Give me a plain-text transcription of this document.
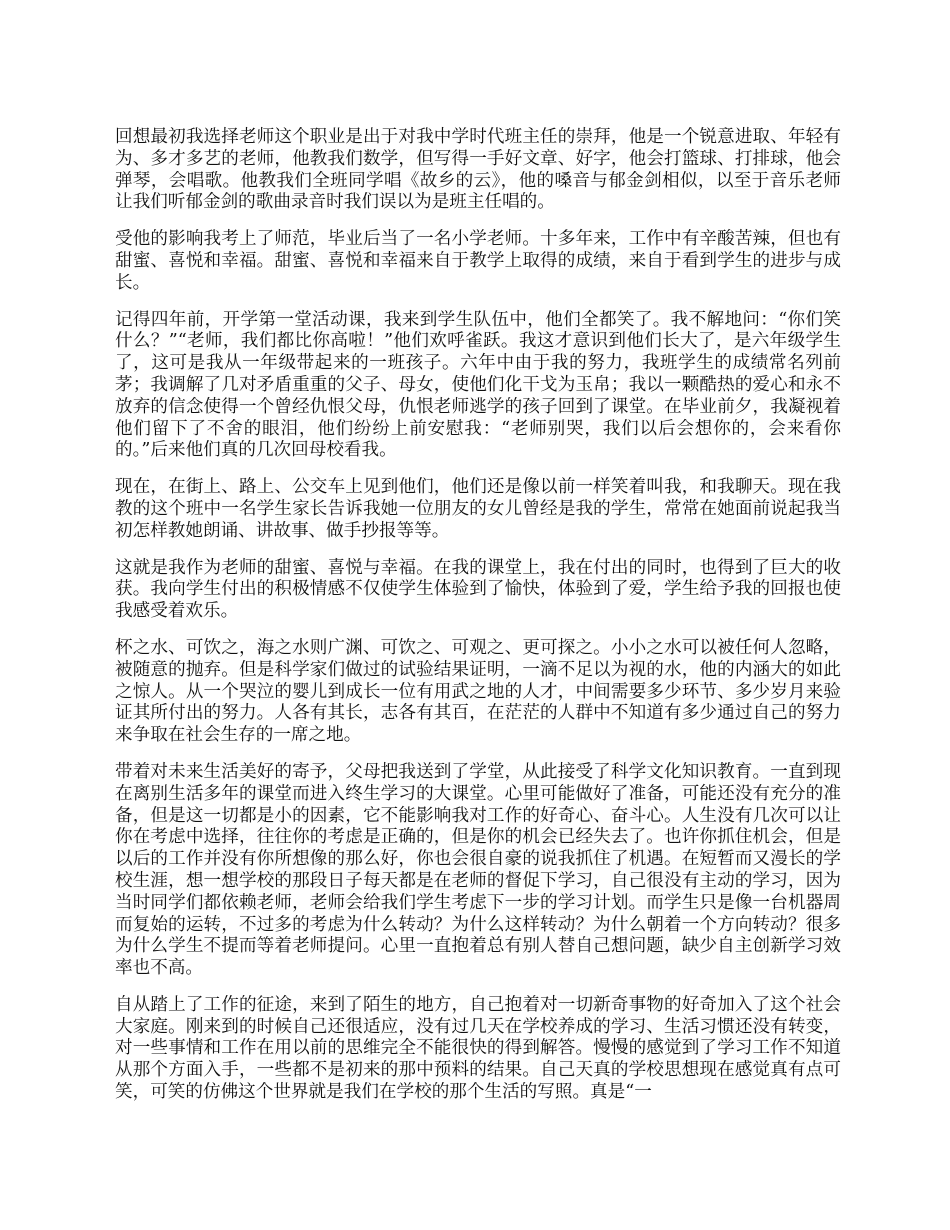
回想最初我选择老师这个职业是出于对我中学时代班主任的崇拜，他是一个锐意进取、年轻有为、多才多艺的老师，他教我们数学，但写得一手好文章、好字，他会打篮球、打排球，他会弹琴，会唱歌。他教我们全班同学唱《故乡的云》，他的嗓音与郁金剑相似，以至于音乐老师让我们听郁金剑的歌曲录音时我们误以为是班主任唱的。

受他的影响我考上了师范，毕业后当了一名小学老师。十多年来，工作中有辛酸苦辣，但也有甜蜜、喜悦和幸福。甜蜜、喜悦和幸福来自于教学上取得的成绩，来自于看到学生的进步与成长。

记得四年前，开学第一堂活动课，我来到学生队伍中，他们全都笑了。我不解地问：“你们笑什么？”“老师，我们都比你高啦！”他们欢呼雀跃。我这才意识到他们长大了，是六年级学生了，这可是我从一年级带起来的一班孩子。六年中由于我的努力，我班学生的成绩常名列前茅；我调解了几对矛盾重重的父子、母女，使他们化干戈为玉帛；我以一颗酷热的爱心和永不放弃的信念使得一个曾经仇恨父母，仇恨老师逃学的孩子回到了课堂。在毕业前夕，我凝视着他们留下了不舍的眼泪，他们纷纷上前安慰我：“老师别哭，我们以后会想你的，会来看你的。”后来他们真的几次回母校看我。

现在，在街上、路上、公交车上见到他们，他们还是像以前一样笑着叫我，和我聊天。现在我教的这个班中一名学生家长告诉我她一位朋友的女儿曾经是我的学生，常常在她面前说起我当初怎样教她朗诵、讲故事、做手抄报等等。

这就是我作为老师的甜蜜、喜悦与幸福。在我的课堂上，我在付出的同时，也得到了巨大的收获。我向学生付出的积极情感不仅使学生体验到了愉快，体验到了爱，学生给予我的回报也使我感受着欢乐。

杯之水、可饮之，海之水则广渊、可饮之、可观之、更可探之。小小之水可以被任何人忽略，被随意的抛弃。但是科学家们做过的试验结果证明，一滴不足以为视的水，他的内涵大的如此之惊人。从一个哭泣的婴儿到成长一位有用武之地的人才，中间需要多少环节、多少岁月来验证其所付出的努力。人各有其长，志各有其百，在茫茫的人群中不知道有多少通过自己的努力来争取在社会生存的一席之地。

带着对未来生活美好的寄予，父母把我送到了学堂，从此接受了科学文化知识教育。一直到现在离别生活多年的课堂而进入终生学习的大课堂。心里可能做好了准备，可能还没有充分的准备，但是这一切都是小的因素，它不能影响我对工作的好奇心、奋斗心。人生没有几次可以让你在考虑中选择，往往你的考虑是正确的，但是你的机会已经失去了。也许你抓住机会，但是以后的工作并没有你所想像的那么好，你也会很自豪的说我抓住了机遇。在短暂而又漫长的学校生涯，想一想学校的那段日子每天都是在老师的督促下学习，自己很没有主动的学习，因为当时同学们都依赖老师，老师会给我们学生考虑下一步的学习计划。而学生只是像一台机器周而复始的运转，不过多的考虑为什么转动？为什么这样转动？为什么朝着一个方向转动？很多为什么学生不提而等着老师提问。心里一直抱着总有别人替自己想问题，缺少自主创新学习效率也不高。

自从踏上了工作的征途，来到了陌生的地方，自己抱着对一切新奇事物的好奇加入了这个社会大家庭。刚来到的时候自己还很适应，没有过几天在学校养成的学习、生活习惯还没有转变，对一些事情和工作在用以前的思维完全不能很快的得到解答。慢慢的感觉到了学习工作不知道从那个方面入手，一些都不是初来的那中预料的结果。自己天真的学校思想现在感觉真有点可笑，可笑的仿佛这个世界就是我们在学校的那个生活的写照。真是“一
